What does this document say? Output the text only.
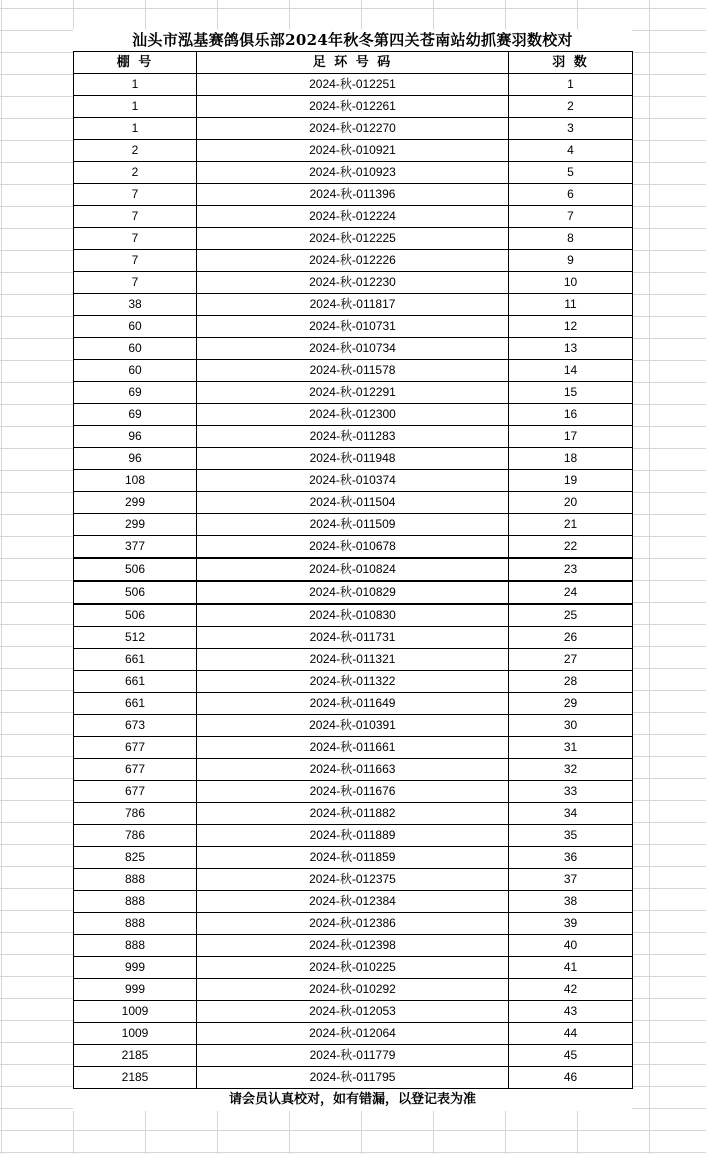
汕头市泓基赛鸽俱乐部2024年秋冬第四关苍南站幼抓赛羽数校对
棚 号	足 环 号 码	羽 数
1	2024-秋-012251	1
1	2024-秋-012261	2
1	2024-秋-012270	3
2	2024-秋-010921	4
2	2024-秋-010923	5
7	2024-秋-011396	6
7	2024-秋-012224	7
7	2024-秋-012225	8
7	2024-秋-012226	9
7	2024-秋-012230	10
38	2024-秋-011817	11
60	2024-秋-010731	12
60	2024-秋-010734	13
60	2024-秋-011578	14
69	2024-秋-012291	15
69	2024-秋-012300	16
96	2024-秋-011283	17
96	2024-秋-011948	18
108	2024-秋-010374	19
299	2024-秋-011504	20
299	2024-秋-011509	21
377	2024-秋-010678	22
506	2024-秋-010824	23
506	2024-秋-010829	24
506	2024-秋-010830	25
512	2024-秋-011731	26
661	2024-秋-011321	27
661	2024-秋-011322	28
661	2024-秋-011649	29
673	2024-秋-010391	30
677	2024-秋-011661	31
677	2024-秋-011663	32
677	2024-秋-011676	33
786	2024-秋-011882	34
786	2024-秋-011889	35
825	2024-秋-011859	36
888	2024-秋-012375	37
888	2024-秋-012384	38
888	2024-秋-012386	39
888	2024-秋-012398	40
999	2024-秋-010225	41
999	2024-秋-010292	42
1009	2024-秋-012053	43
1009	2024-秋-012064	44
2185	2024-秋-011779	45
2185	2024-秋-011795	46
请会员认真校对，如有错漏，以登记表为准
